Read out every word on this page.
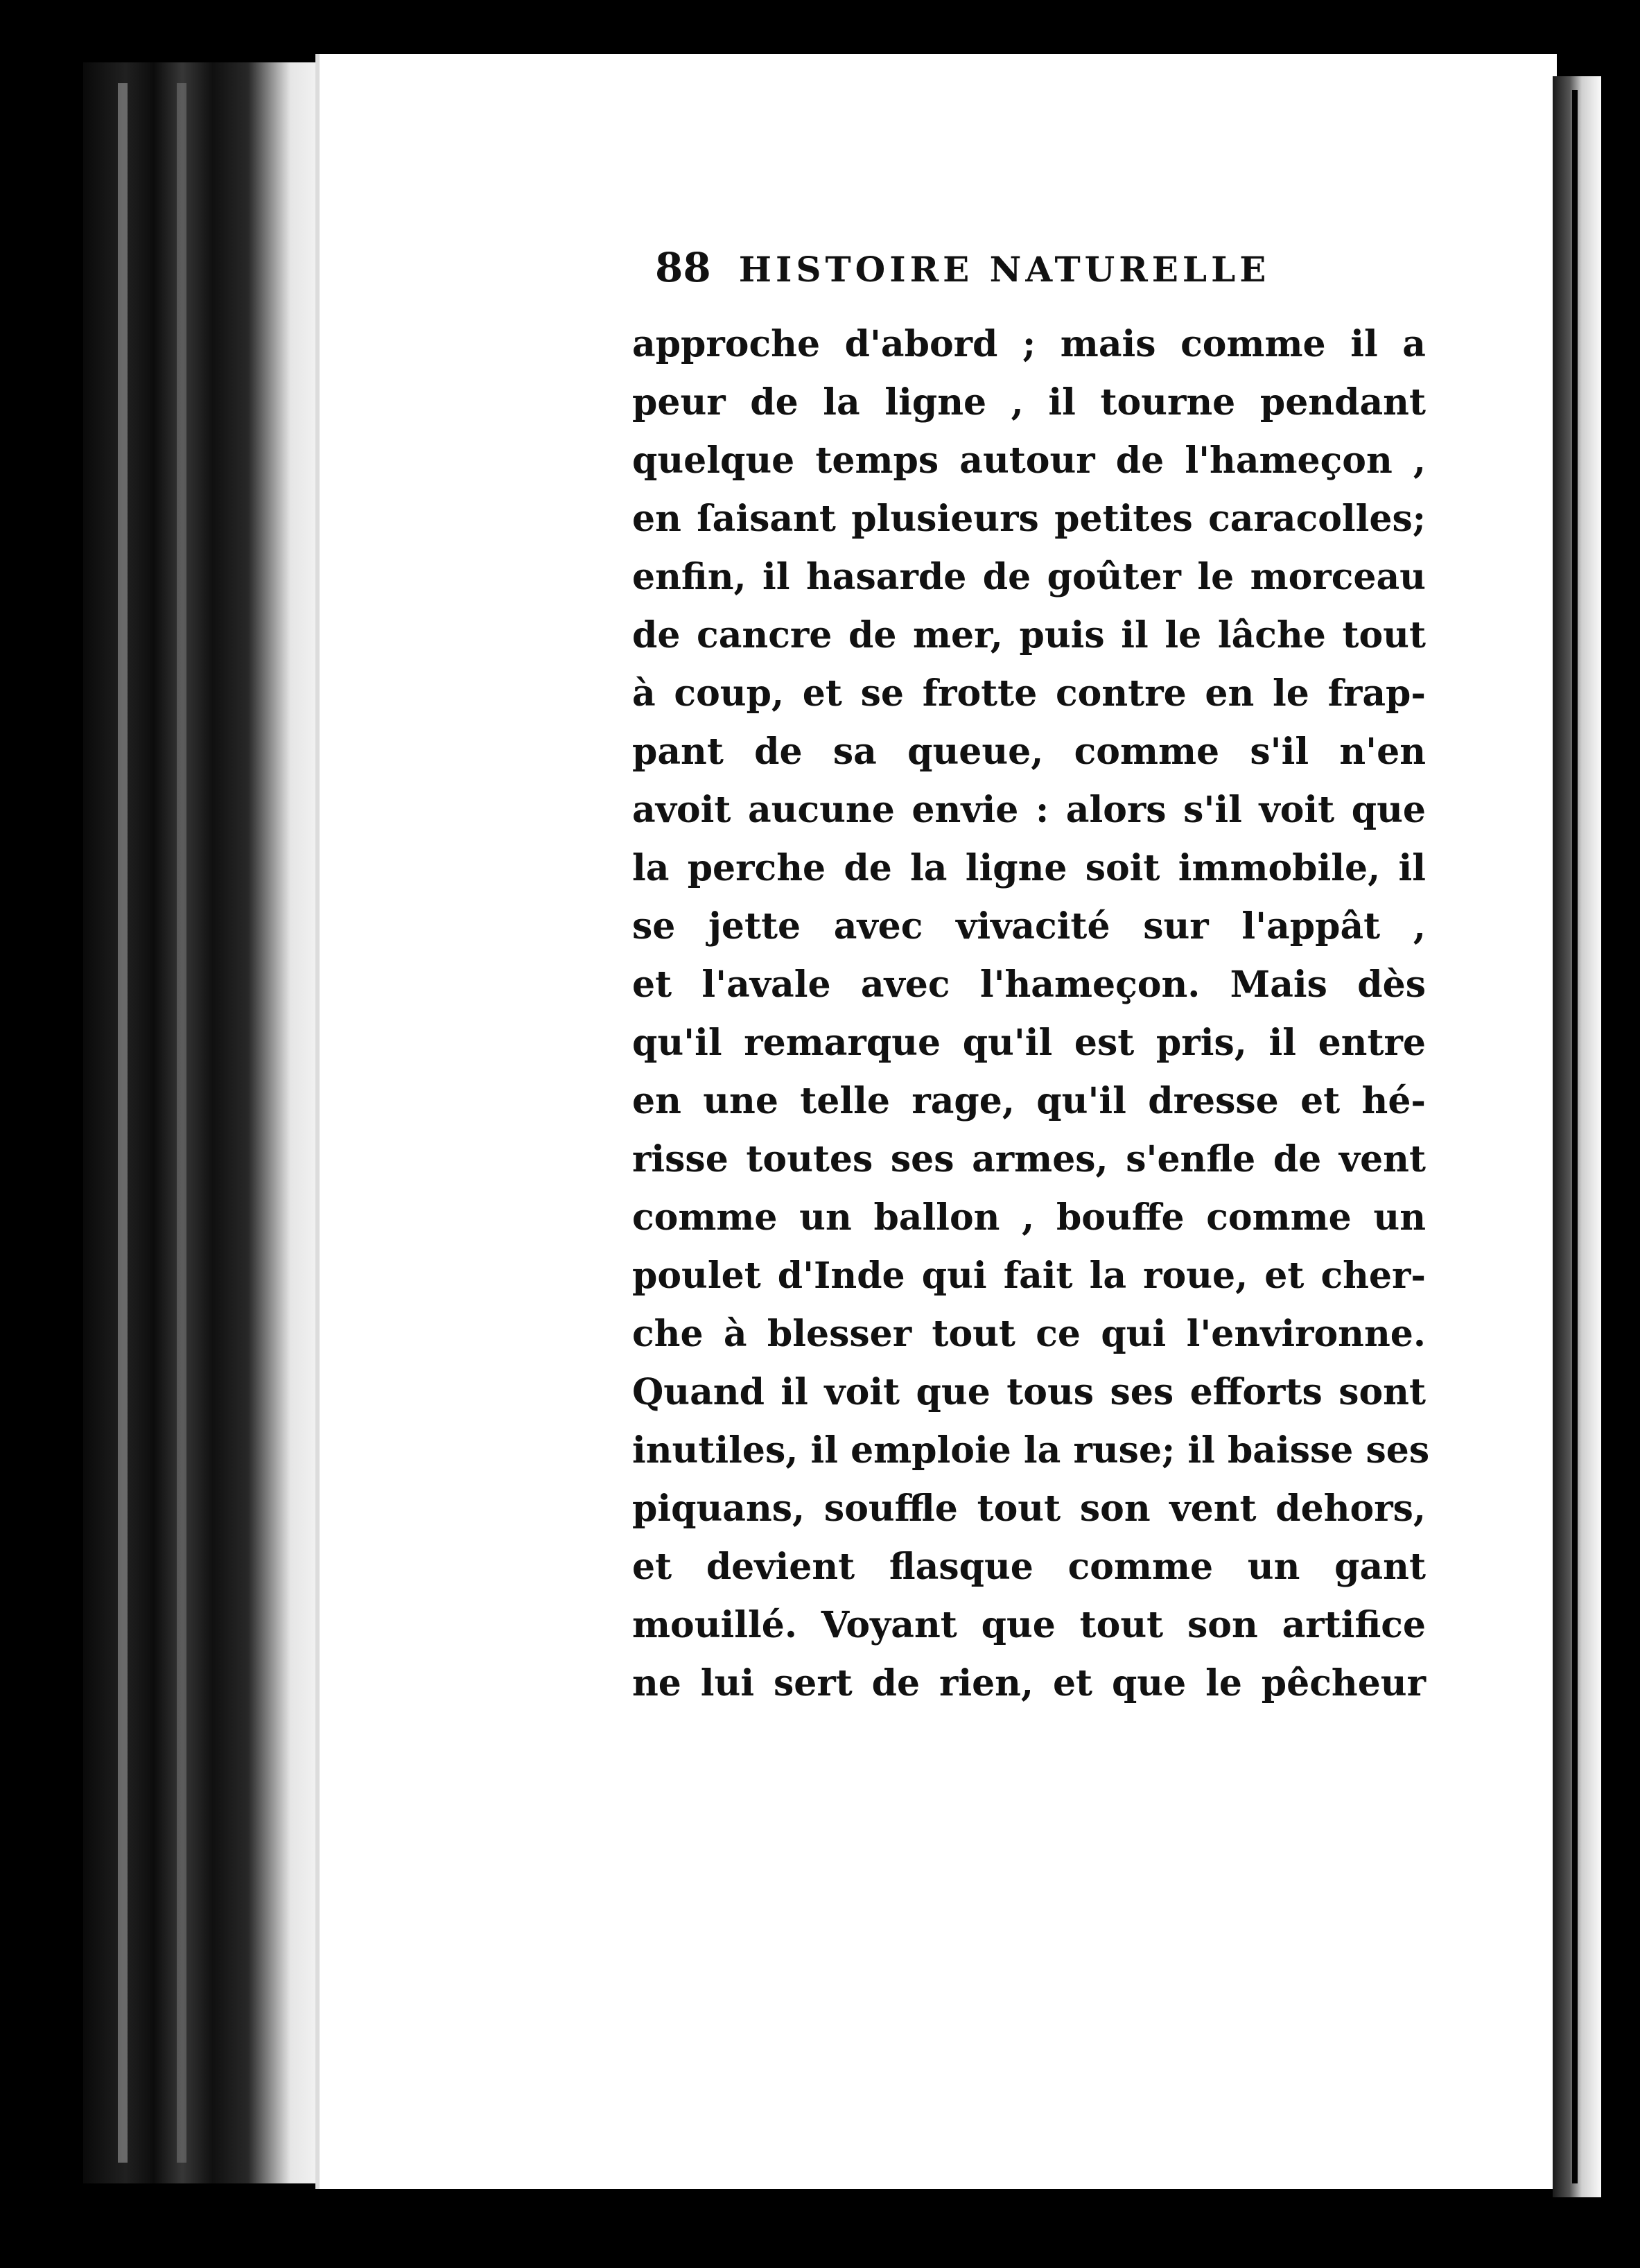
88 HISTOIRE NATURELLE
approche d'abord ; mais comme il a
peur de la ligne , il tourne pendant
quelque temps autour de l'hameçon ,
en ſaisant plusieurs petites caracolles;
enfin, il hasarde de goûter le morceau
de cancre de mer, puis il le lâche tout
à coup, et se frotte contre en le frap-
pant de sa queue, comme s'il n'en
avoit aucune envie : alors s'il voit que
la perche de la ligne soit immobile, il
se jette avec vivacité sur l'appât ,
et l'avale avec l'hameçon. Mais dès
qu'il remarque qu'il est pris, il entre
en une telle rage, qu'il dresse et hé-
risse toutes ses armes, s'enfle de vent
comme un ballon , bouffe comme un
poulet d'Inde qui fait la roue, et cher-
che à blesser tout ce qui l'environne.
Quand il voit que tous ses efforts sont
inutiles, il emploie la ruse; il baisse ses
piquans, souffle tout son vent dehors,
et devient flasque comme un gant
mouillé. Voyant que tout son artifice
ne lui sert de rien, et que le pêcheur
